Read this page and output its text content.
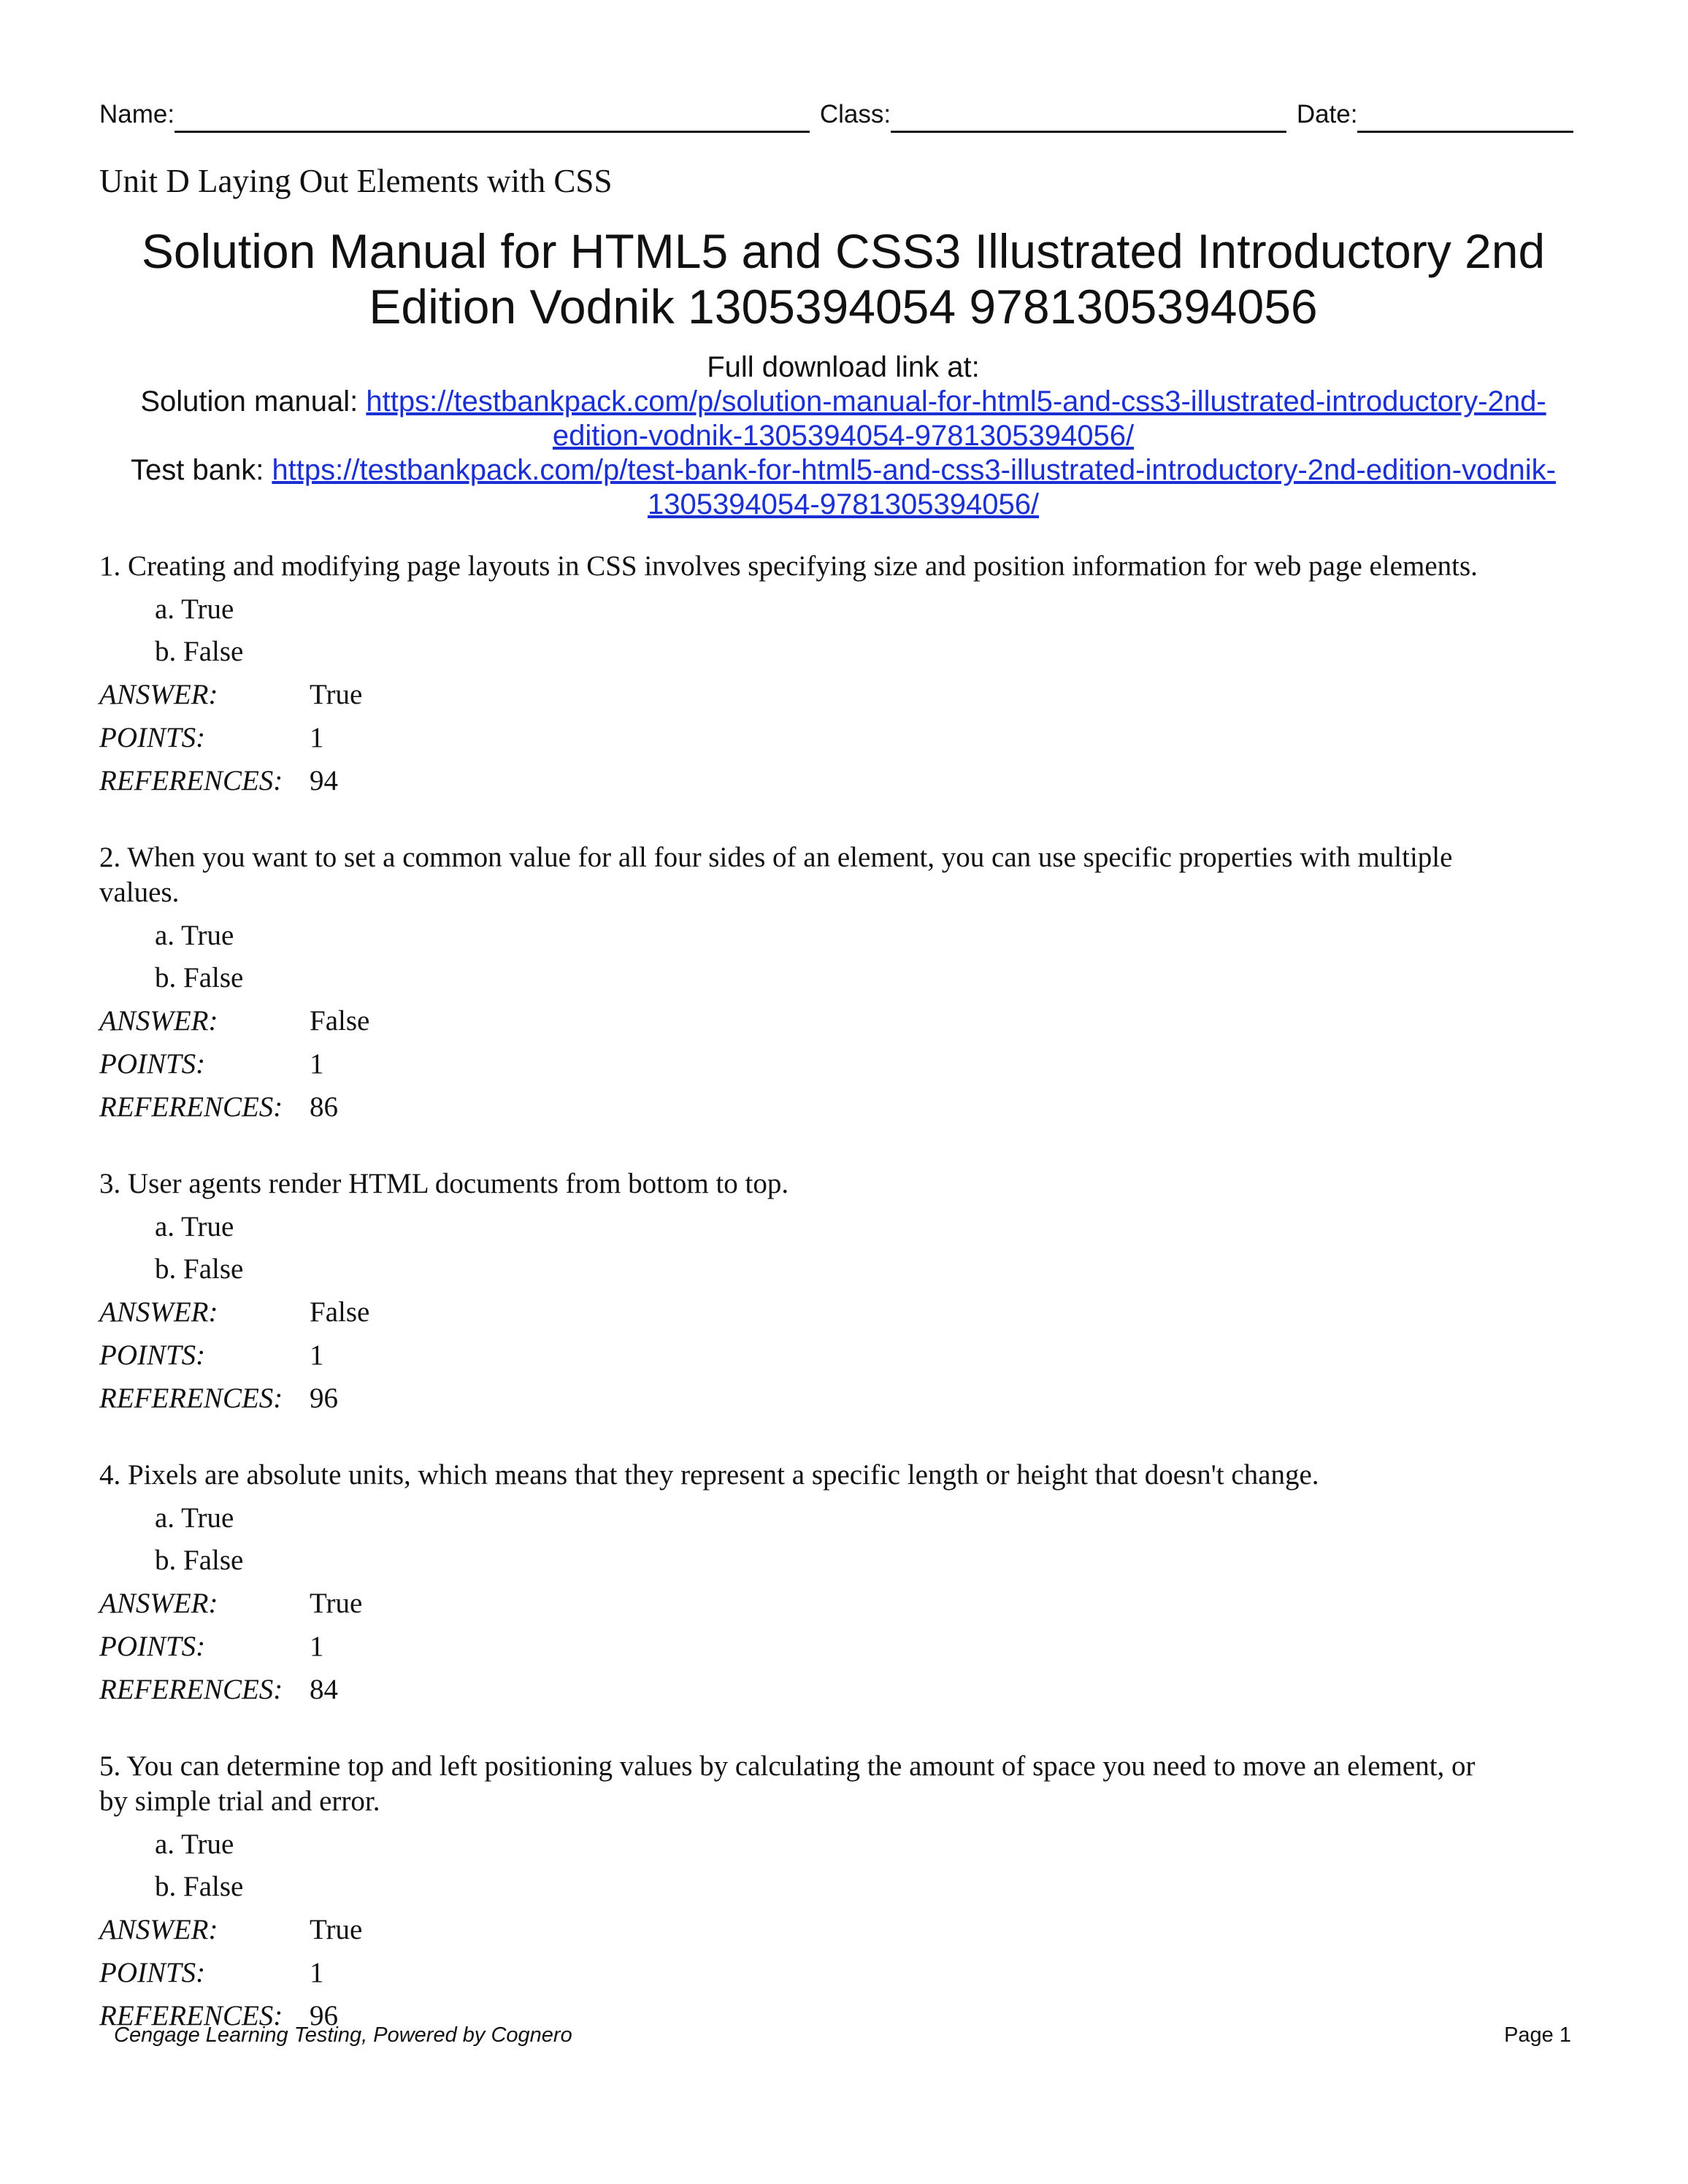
Name:	Class:	Date:
Unit D Laying Out Elements with CSS
Solution Manual for HTML5 and CSS3 Illustrated Introductory 2nd
Edition Vodnik 1305394054 9781305394056
Full download link at:
Solution manual: https://testbankpack.com/p/solution-manual-for-html5-and-css3-illustrated-introductory-2nd-
edition-vodnik-1305394054-9781305394056/
Test bank: https://testbankpack.com/p/test-bank-for-html5-and-css3-illustrated-introductory-2nd-edition-vodnik-
1305394054-9781305394056/
1. Creating and modifying page layouts in CSS involves specifying size and position information for web page elements.
a. True
b. False
ANSWER:	True
POINTS:	1
REFERENCES: 94
2. When you want to set a common value for all four sides of an element, you can use specific properties with multiple
values.
a. True
b. False
ANSWER:	False
POINTS:	1
REFERENCES: 86
3. User agents render HTML documents from bottom to top.
a. True
b. False
ANSWER:	False
POINTS:	1
REFERENCES: 96
4. Pixels are absolute units, which means that they represent a specific length or height that doesn't change.
a. True
b. False
ANSWER:	True
POINTS:	1
REFERENCES: 84
5. You can determine top and left positioning values by calculating the amount of space you need to move an element, or
by simple trial and error.
a. True
b. False
ANSWER:	True
POINTS:	1
REFERENCES: 96
Cengage Learning Testing, Powered by Cognero	Page 1
